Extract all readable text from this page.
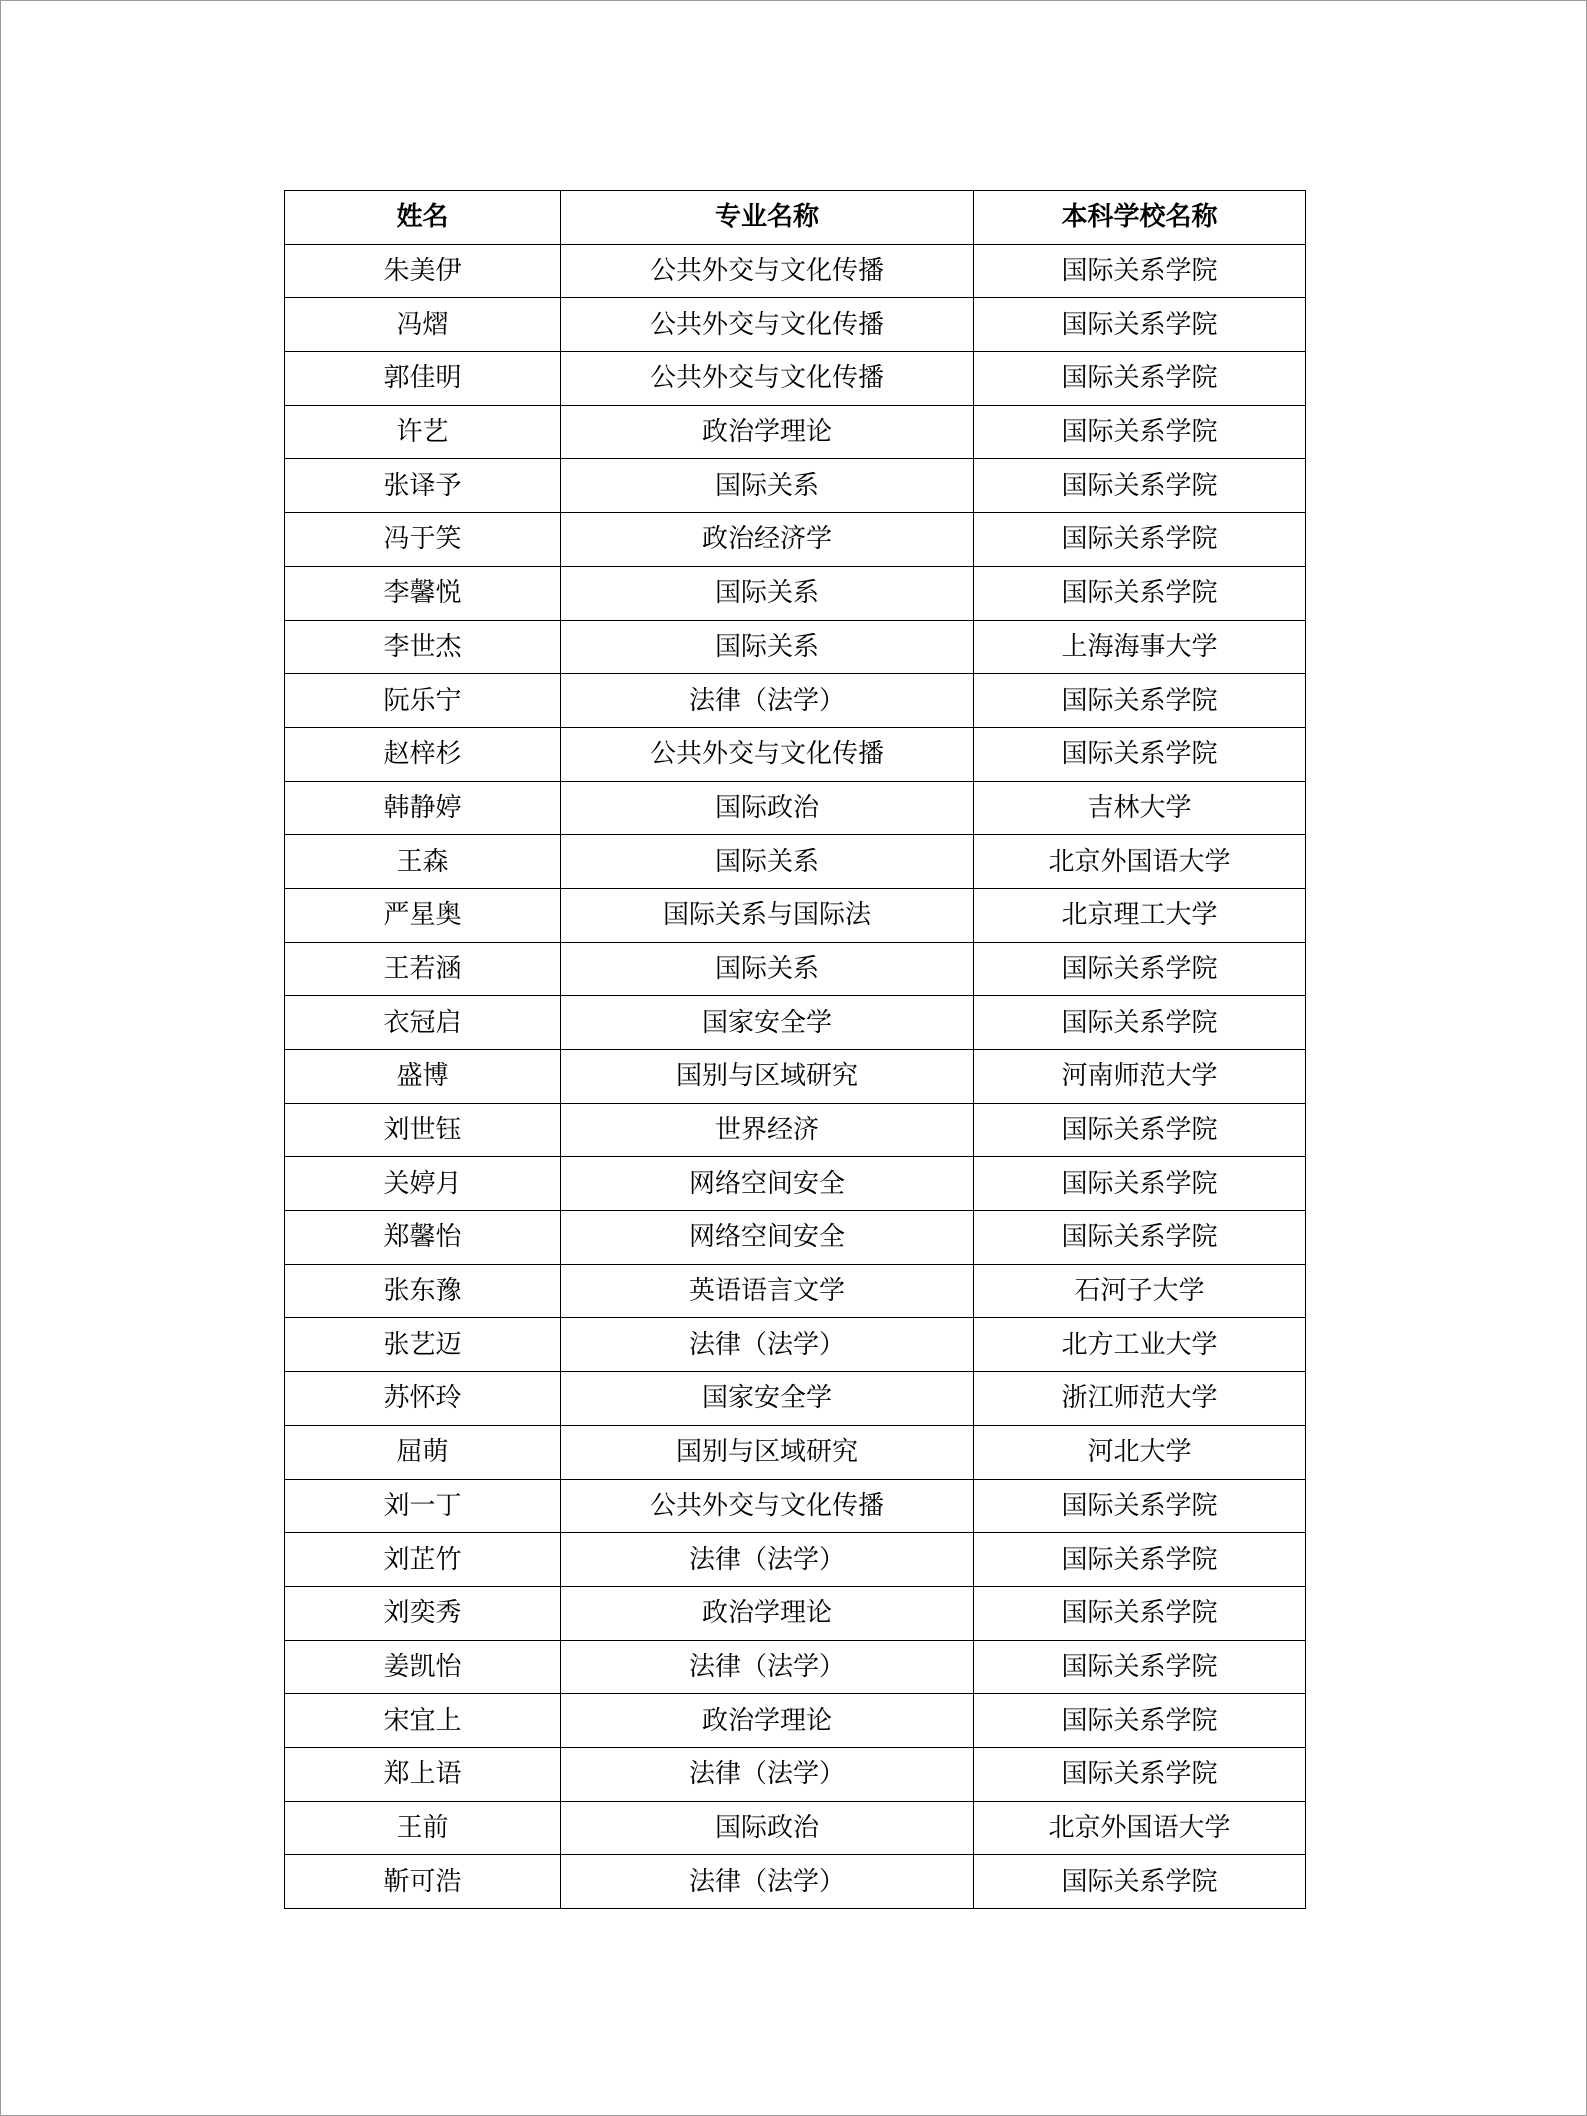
姓名	专业名称	本科学校名称
朱美伊	公共外交与文化传播	国际关系学院
冯熠	公共外交与文化传播	国际关系学院
郭佳明	公共外交与文化传播	国际关系学院
许艺	政治学理论	国际关系学院
张译予	国际关系	国际关系学院
冯于笑	政治经济学	国际关系学院
李馨悦	国际关系	国际关系学院
李世杰	国际关系	上海海事大学
阮乐宁	法律（法学）	国际关系学院
赵梓杉	公共外交与文化传播	国际关系学院
韩静婷	国际政治	吉林大学
王森	国际关系	北京外国语大学
严星奥	国际关系与国际法	北京理工大学
王若涵	国际关系	国际关系学院
衣冠启	国家安全学	国际关系学院
盛博	国别与区域研究	河南师范大学
刘世钰	世界经济	国际关系学院
关婷月	网络空间安全	国际关系学院
郑馨怡	网络空间安全	国际关系学院
张东豫	英语语言文学	石河子大学
张艺迈	法律（法学）	北方工业大学
苏怀玲	国家安全学	浙江师范大学
屈萌	国别与区域研究	河北大学
刘一丁	公共外交与文化传播	国际关系学院
刘芷竹	法律（法学）	国际关系学院
刘奕秀	政治学理论	国际关系学院
姜凯怡	法律（法学）	国际关系学院
宋宜上	政治学理论	国际关系学院
郑上语	法律（法学）	国际关系学院
王前	国际政治	北京外国语大学
靳可浩	法律（法学）	国际关系学院
